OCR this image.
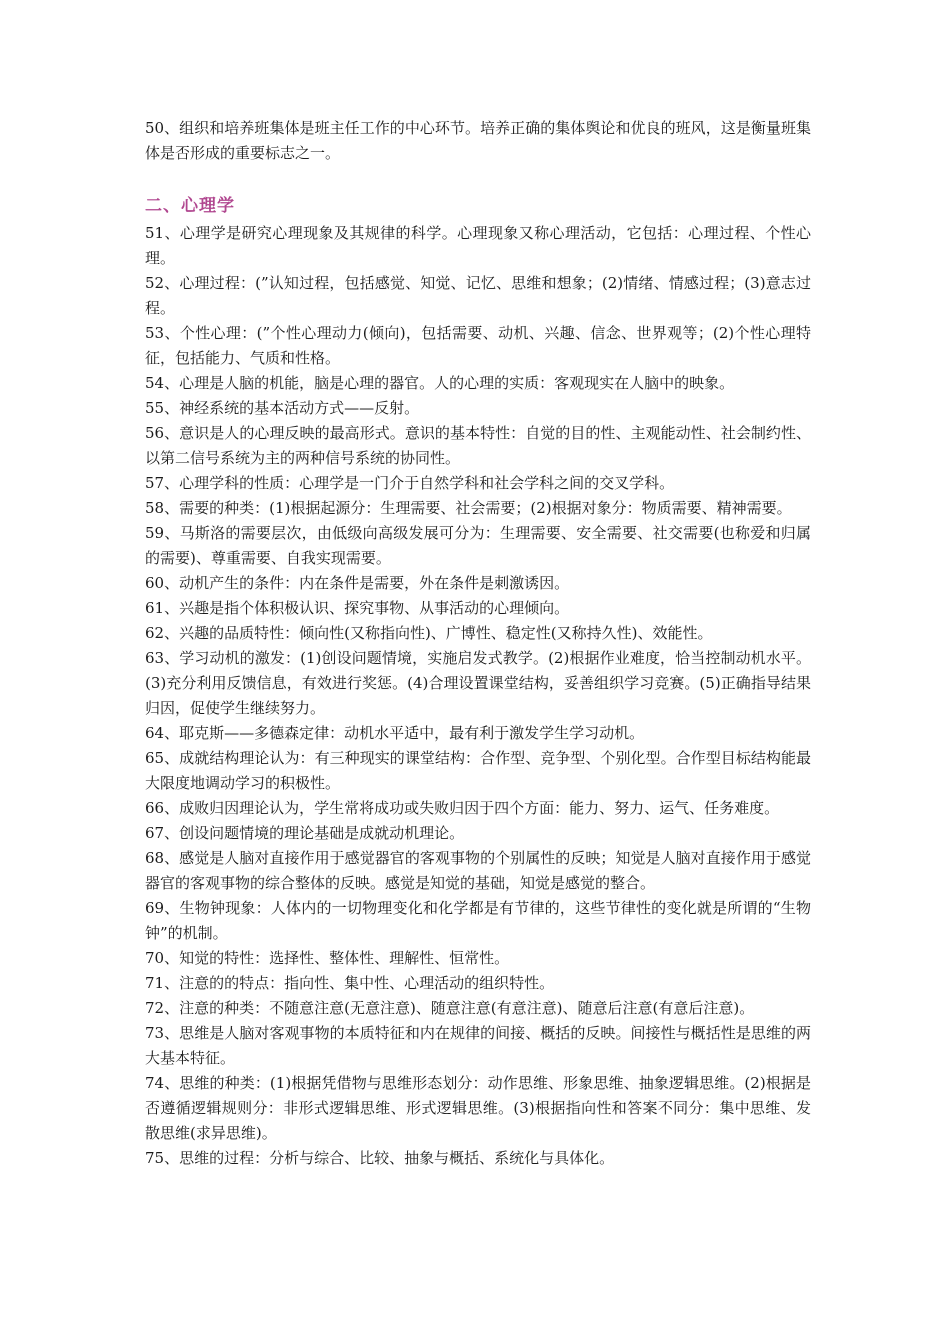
50、组织和培养班集体是班主任工作的中心环节。培养正确的集体舆论和优良的班风，这是衡量班集体是否形成的重要标志之一。

二、心理学

51、心理学是研究心理现象及其规律的科学。心理现象又称心理活动，它包括：心理过程、个性心理。

52、心理过程：(”认知过程，包括感觉、知觉、记忆、思维和想象；(2)情绪、情感过程；(3)意志过程。

53、个性心理：(”个性心理动力(倾向)，包括需要、动机、兴趣、信念、世界观等；(2)个性心理特征，包括能力、气质和性格。

54、心理是人脑的机能，脑是心理的器官。人的心理的实质：客观现实在人脑中的映象。

55、神经系统的基本活动方式——反射。

56、意识是人的心理反映的最高形式。意识的基本特性：自觉的目的性、主观能动性、社会制约性、以第二信号系统为主的两种信号系统的协同性。

57、心理学科的性质：心理学是一门介于自然学科和社会学科之间的交叉学科。

58、需要的种类：(1)根据起源分：生理需要、社会需要；(2)根据对象分：物质需要、精神需要。

59、马斯洛的需要层次，由低级向高级发展可分为：生理需要、安全需要、社交需要(也称爱和归属的需要)、尊重需要、自我实现需要。

60、动机产生的条件：内在条件是需要，外在条件是刺激诱因。

61、兴趣是指个体积极认识、探究事物、从事活动的心理倾向。

62、兴趣的品质特性：倾向性(又称指向性)、广博性、稳定性(又称持久性)、效能性。

63、学习动机的激发：(1)创设问题情境，实施启发式教学。(2)根据作业难度，恰当控制动机水平。(3)充分利用反馈信息，有效进行奖惩。(4)合理设置课堂结构，妥善组织学习竞赛。(5)正确指导结果归因，促使学生继续努力。

64、耶克斯——多德森定律：动机水平适中，最有利于激发学生学习动机。

65、成就结构理论认为：有三种现实的课堂结构：合作型、竞争型、个别化型。合作型目标结构能最大限度地调动学习的积极性。

66、成败归因理论认为，学生常将成功或失败归因于四个方面：能力、努力、运气、任务难度。

67、创设问题情境的理论基础是成就动机理论。

68、感觉是人脑对直接作用于感觉器官的客观事物的个别属性的反映；知觉是人脑对直接作用于感觉器官的客观事物的综合整体的反映。感觉是知觉的基础，知觉是感觉的整合。

69、生物钟现象：人体内的一切物理变化和化学都是有节律的，这些节律性的变化就是所谓的“生物钟”的机制。

70、知觉的特性：选择性、整体性、理解性、恒常性。

71、注意的的特点：指向性、集中性、心理活动的组织特性。

72、注意的种类：不随意注意(无意注意)、随意注意(有意注意)、随意后注意(有意后注意)。

73、思维是人脑对客观事物的本质特征和内在规律的间接、概括的反映。间接性与概括性是思维的两大基本特征。

74、思维的种类：(1)根据凭借物与思维形态划分：动作思维、形象思维、抽象逻辑思维。(2)根据是否遵循逻辑规则分：非形式逻辑思维、形式逻辑思维。(3)根据指向性和答案不同分：集中思维、发散思维(求异思维)。

75、思维的过程：分析与综合、比较、抽象与概括、系统化与具体化。
